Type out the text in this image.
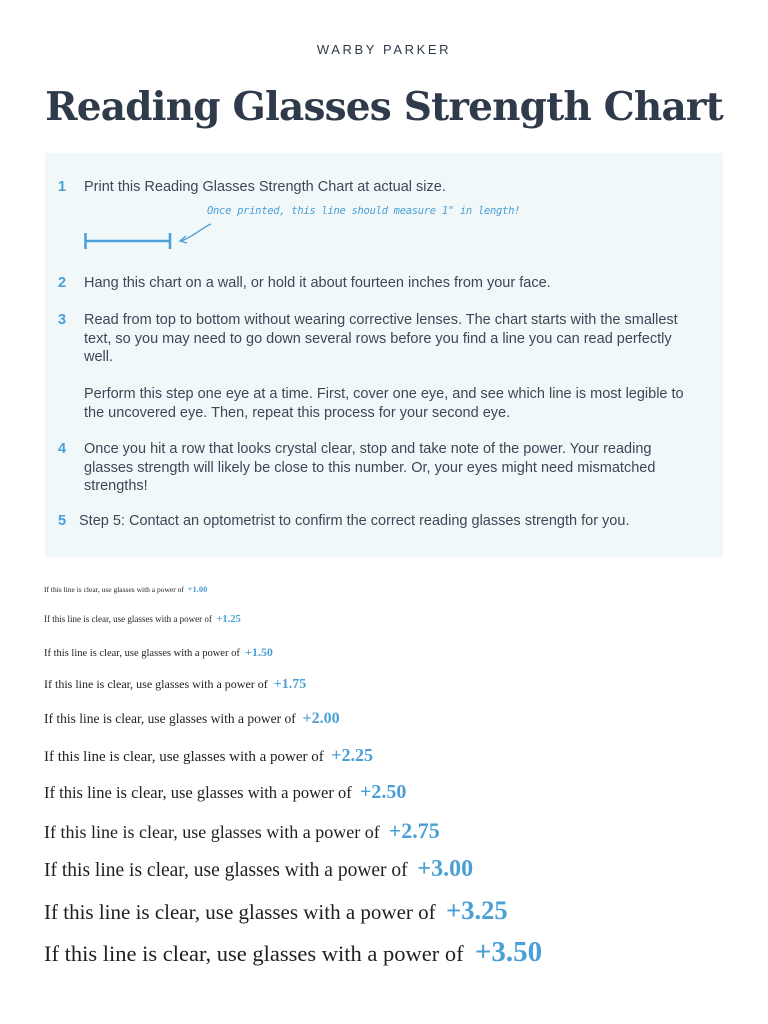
WARBY PARKER
Reading Glasses Strength Chart
1 Print this Reading Glasses Strength Chart at actual size.

Once printed, this line should measure 1" in length!
2 Hang this chart on a wall, or hold it about fourteen inches from your face.

3 Read from top to bottom without wearing corrective lenses. The chart starts with the smallest text, so you may need to go down several rows before you find a line you can read perfectly well.

Perform this step one eye at a time. First, cover one eye, and see which line is most legible to the uncovered eye. Then, repeat this process for your second eye.

4 Once you hit a row that looks crystal clear, stop and take note of the power. Your reading glasses strength will likely be close to this number. Or, your eyes might need mismatched strengths!

5 Step 5: Contact an optometrist to confirm the correct reading glasses strength for you.

If this line is clear, use glasses with a power of +1.00
If this line is clear, use glasses with a power of +1.25
If this line is clear, use glasses with a power of +1.50
If this line is clear, use glasses with a power of +1.75
If this line is clear, use glasses with a power of +2.00
If this line is clear, use glasses with a power of +2.25
If this line is clear, use glasses with a power of +2.50
If this line is clear, use glasses with a power of +2.75
If this line is clear, use glasses with a power of +3.00
If this line is clear, use glasses with a power of +3.25
If this line is clear, use glasses with a power of +3.50
